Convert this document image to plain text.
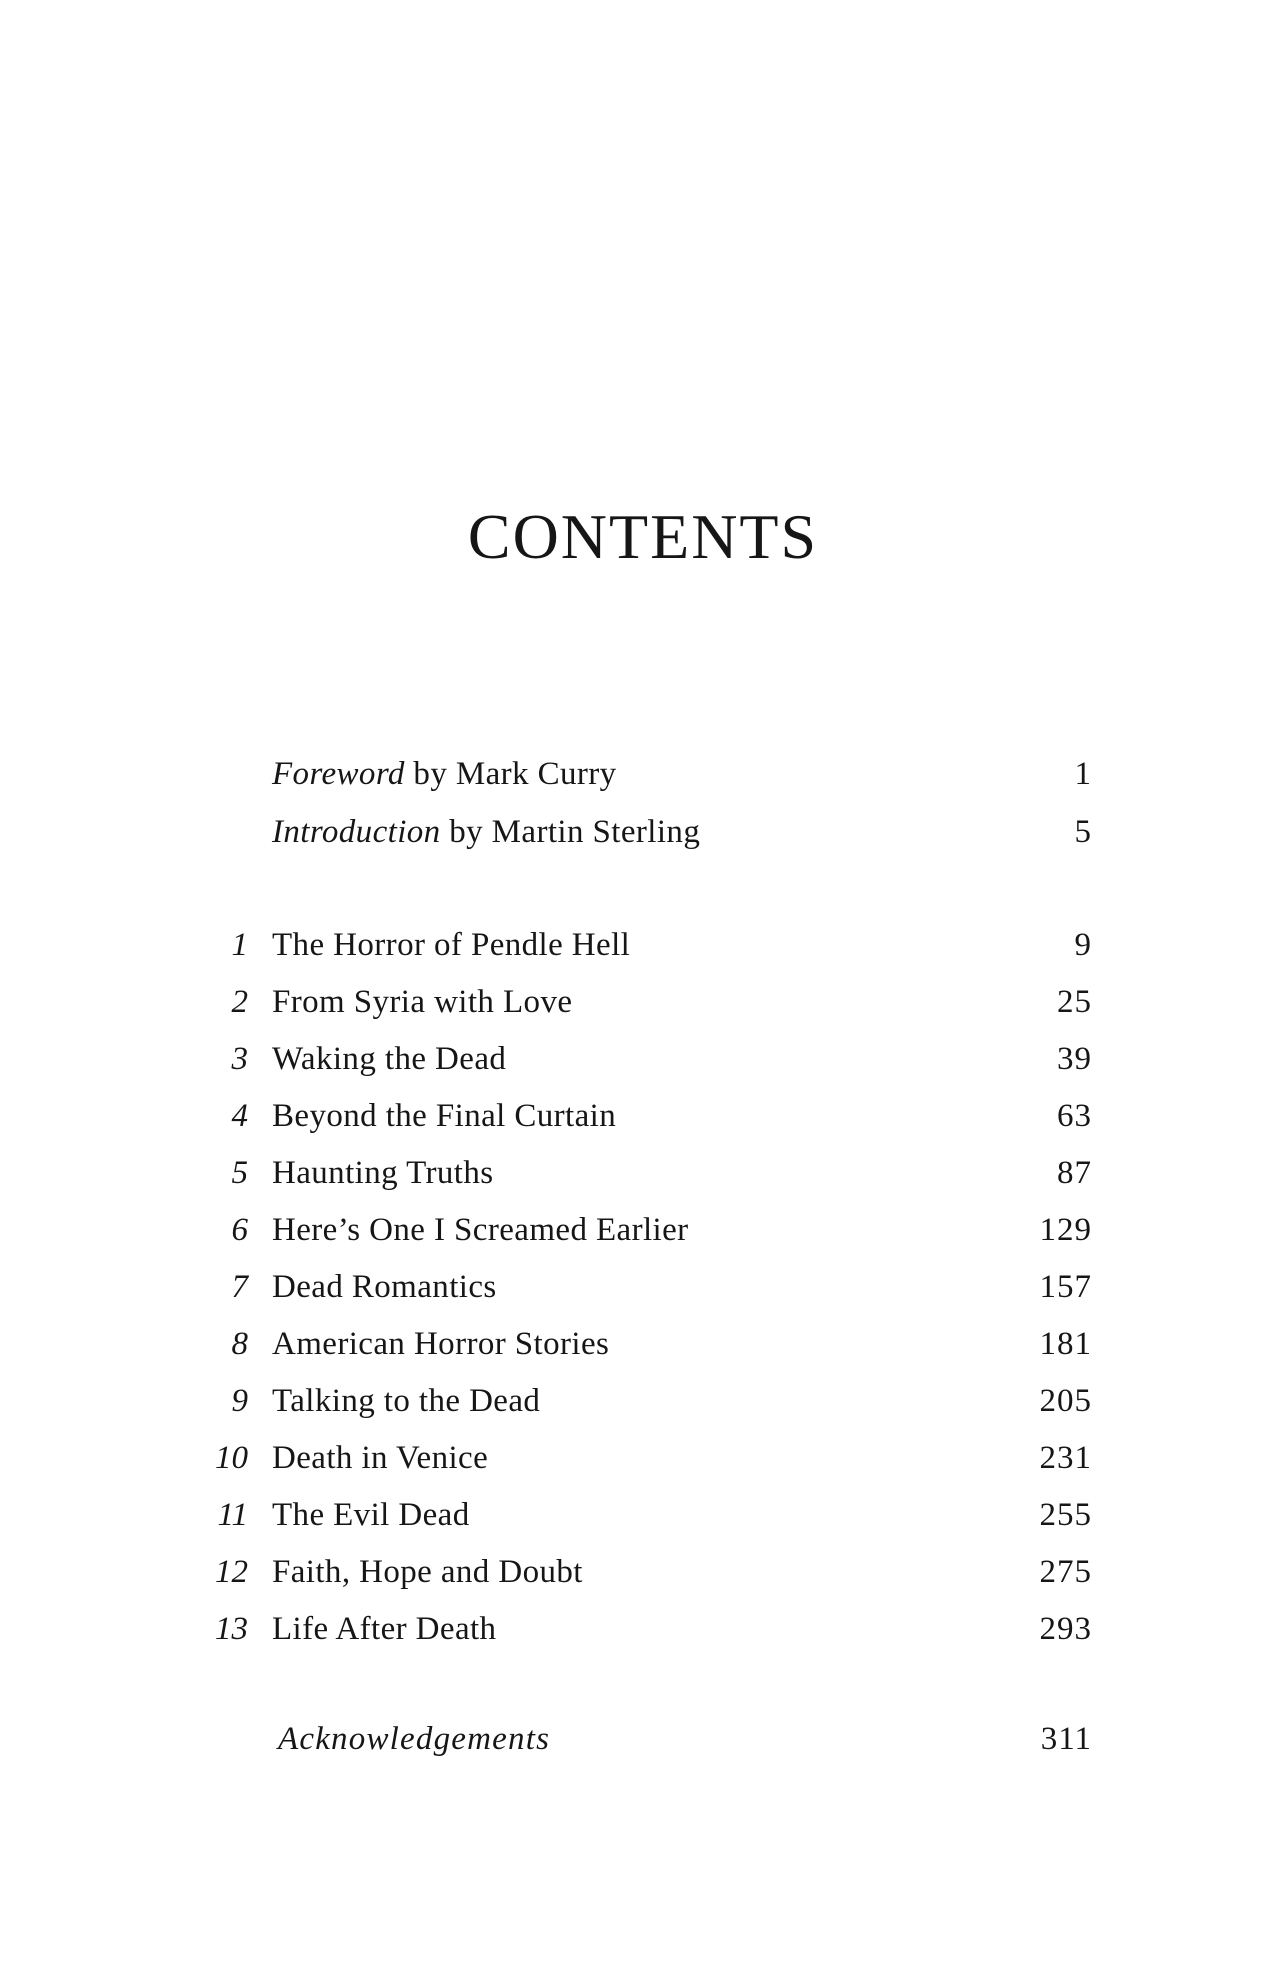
CONTENTS
Foreword by Mark Curry	1
Introduction by Martin Sterling	5
1 The Horror of Pendle Hell	9
2 From Syria with Love	25
3 Waking the Dead	39
4 Beyond the Final Curtain	63
5 Haunting Truths	87
6 Here’s One I Screamed Earlier	129
7 Dead Romantics	157
8 American Horror Stories	181
9 Talking to the Dead	205
10 Death in Venice	231
11 The Evil Dead	255
12 Faith, Hope and Doubt	275
13 Life After Death	293
Acknowledgements	311
